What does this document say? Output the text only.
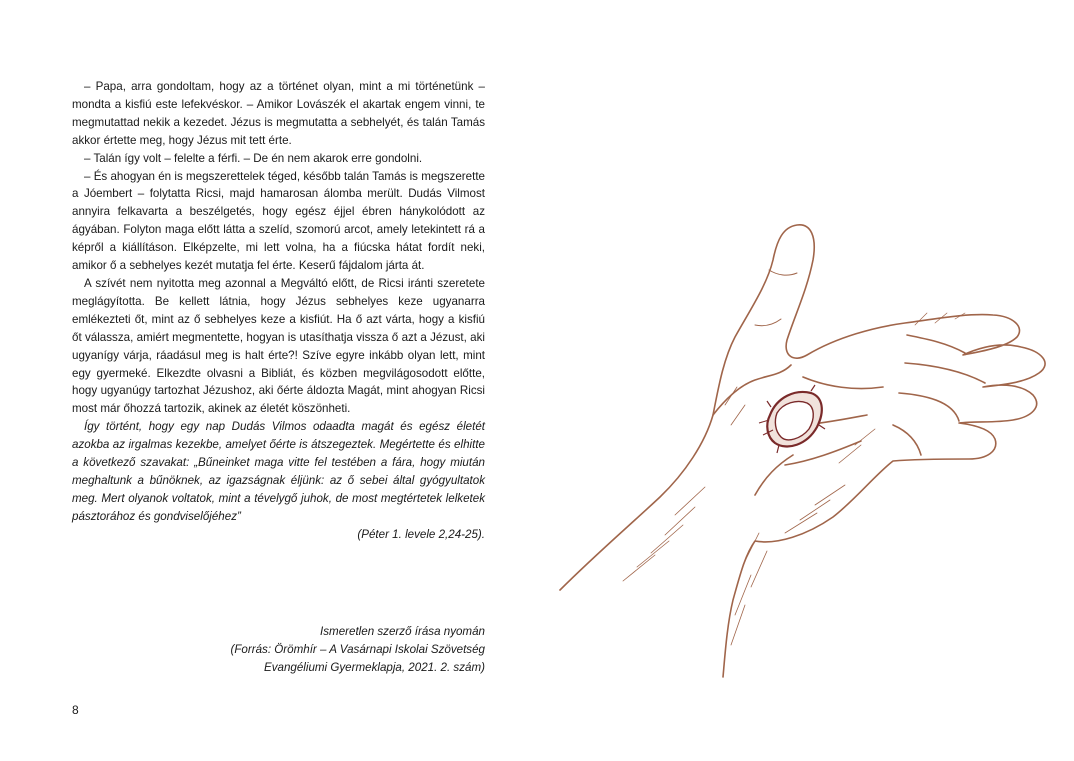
– Papa, arra gondoltam, hogy az a történet olyan, mint a mi történetünk – mondta a kisfiú este lefekvéskor. – Amikor Lovászék el akartak engem vinni, te megmutattad nekik a kezedet. Jézus is megmutatta a sebhelyét, és talán Tamás akkor értette meg, hogy Jézus mit tett érte.

– Talán így volt – felelte a férfi. – De én nem akarok erre gondolni.

– És ahogyan én is megszerettelek téged, később talán Tamás is megszerette a Jóembert – folytatta Ricsi, majd hamarosan álomba merült. Dudás Vilmost annyira felkavarta a beszélgetés, hogy egész éjjel ébren hánykolódott az ágyában. Folyton maga előtt látta a szelíd, szomorú arcot, amely letekintett rá a képről a kiállításon. Elképzelte, mi lett volna, ha a fiúcska hátat fordít neki, amikor ő a sebhelyes kezét mutatja fel érte. Keserű fájdalom járta át.

A szívét nem nyitotta meg azonnal a Megváltó előtt, de Ricsi iránti szeretete meglágyította. Be kellett látnia, hogy Jézus sebhelyes keze ugyanarra emlékezteti őt, mint az ő sebhelyes keze a kisfiút. Ha ő azt várta, hogy a kisfiú őt válassza, amiért megmentette, hogyan is utasíthatja vissza ő azt a Jézust, aki ugyanígy várja, ráadásul meg is halt érte?! Szíve egyre inkább olyan lett, mint egy gyermeké. Elkezdte olvasni a Bibliát, és közben megvilágosodott előtte, hogy ugyanúgy tartozhat Jézushoz, aki őérte áldozta Magát, mint ahogyan Ricsi most már őhozzá tartozik, akinek az életét köszönheti.

Így történt, hogy egy nap Dudás Vilmos odaadta magát és egész életét azokba az irgalmas kezekbe, amelyet őérte is átszegeztek. Megértette és elhitte a következő szavakat: „Bűneinket maga vitte fel testében a fára, hogy miután meghaltunk a bűnöknek, az igazságnak éljünk: az ő sebei által gyógyultatok meg. Mert olyanok voltatok, mint a tévelygő juhok, de most megtértetek lelketek pásztorához és gondviselőjéhez”

(Péter 1. levele 2,24-25).

Ismeretlen szerző írása nyomán
(Forrás: Örömhír – A Vasárnapi Iskolai Szövetség
Evangéliumi Gyermeklapja, 2021. 2. szám)
8
